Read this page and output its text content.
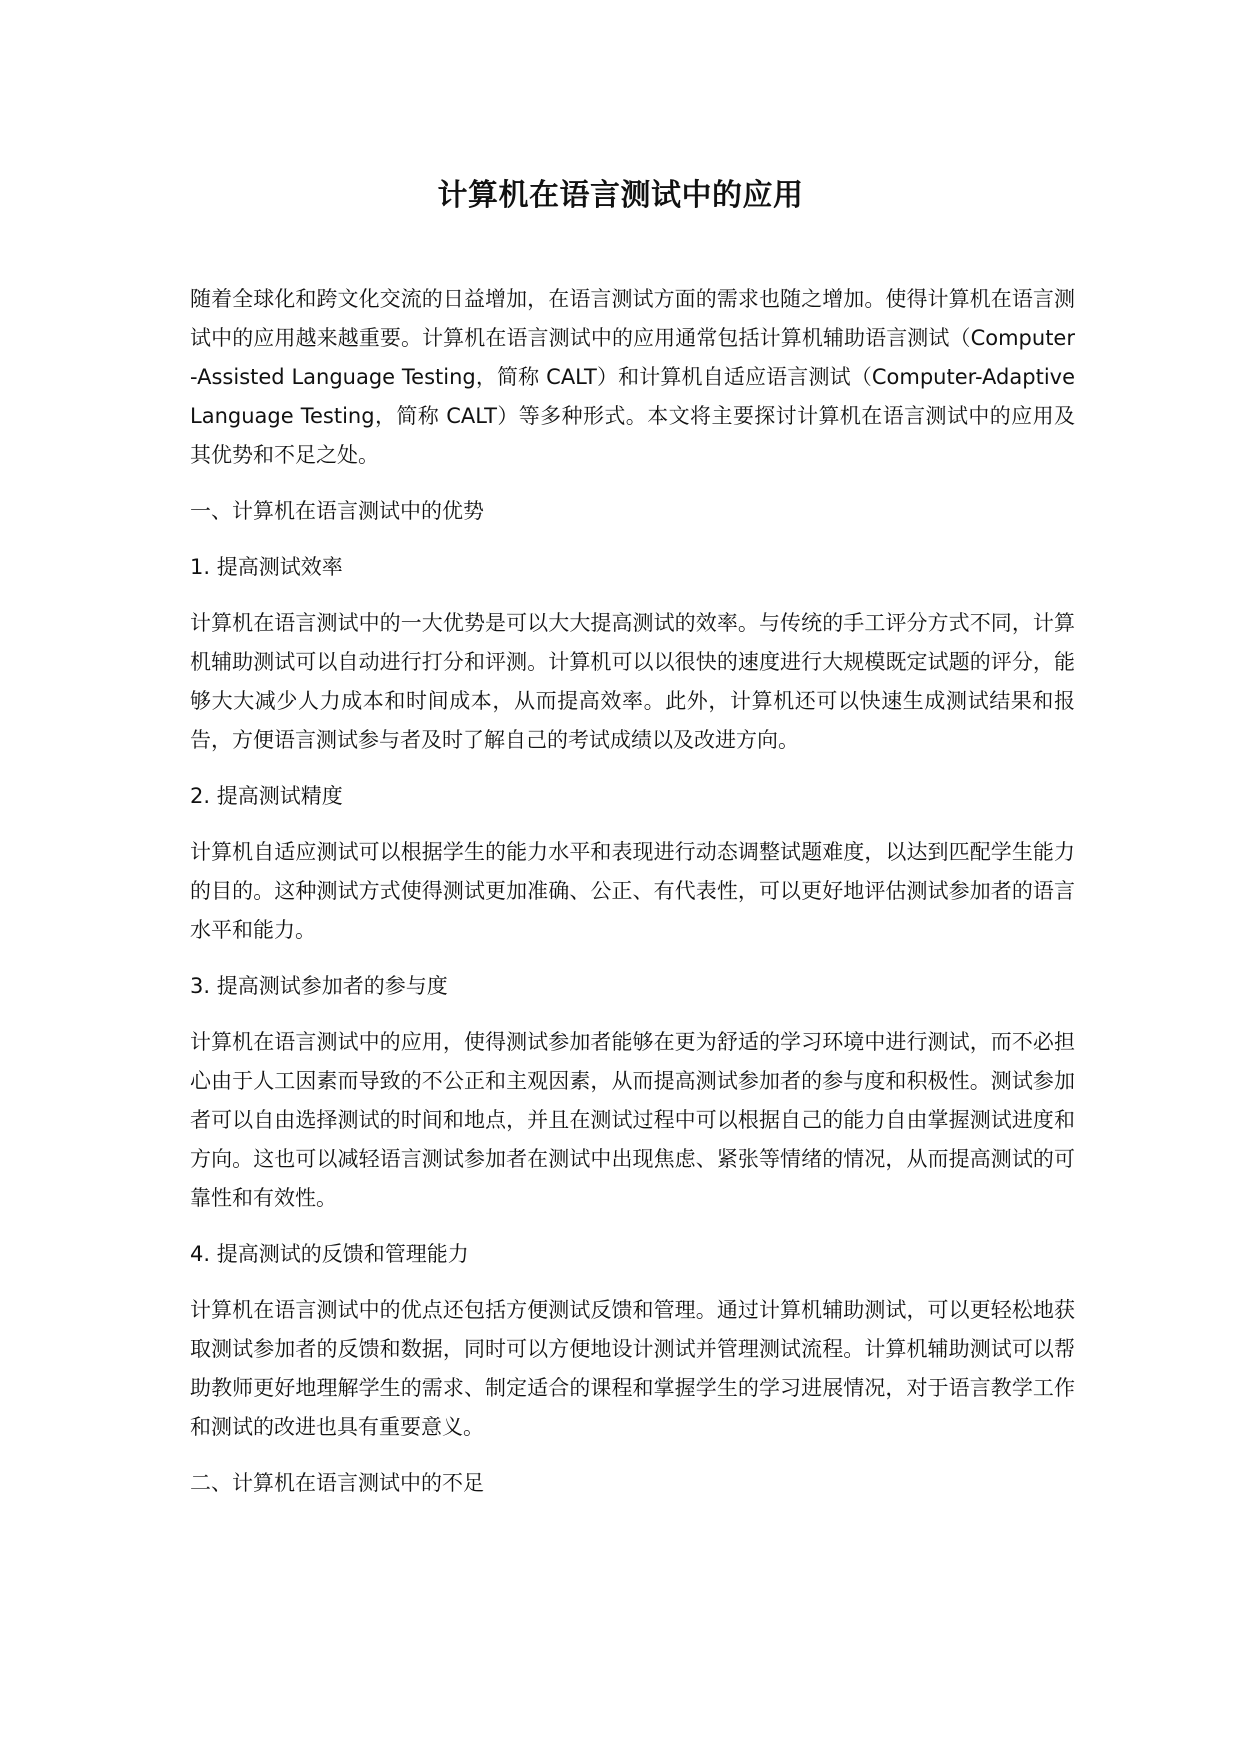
计算机在语言测试中的应用

随着全球化和跨文化交流的日益增加，在语言测试方面的需求也随之增加。使得计算机在语言测试中的应用越来越重要。计算机在语言测试中的应用通常包括计算机辅助语言测试（Computer-Assisted Language Testing，简称 CALT）和计算机自适应语言测试（Computer-Adaptive Language Testing，简称 CALT）等多种形式。本文将主要探讨计算机在语言测试中的应用及其优势和不足之处。

一、计算机在语言测试中的优势
1. 提高测试效率

计算机在语言测试中的一大优势是可以大大提高测试的效率。与传统的手工评分方式不同，计算机辅助测试可以自动进行打分和评测。计算机可以以很快的速度进行大规模既定试题的评分，能够大大减少人力成本和时间成本，从而提高效率。此外，计算机还可以快速生成测试结果和报告，方便语言测试参与者及时了解自己的考试成绩以及改进方向。

2. 提高测试精度

计算机自适应测试可以根据学生的能力水平和表现进行动态调整试题难度，以达到匹配学生能力的目的。这种测试方式使得测试更加准确、公正、有代表性，可以更好地评估测试参加者的语言水平和能力。

3. 提高测试参加者的参与度

计算机在语言测试中的应用，使得测试参加者能够在更为舒适的学习环境中进行测试，而不必担心由于人工因素而导致的不公正和主观因素，从而提高测试参加者的参与度和积极性。测试参加者可以自由选择测试的时间和地点，并且在测试过程中可以根据自己的能力自由掌握测试进度和方向。这也可以减轻语言测试参加者在测试中出现焦虑、紧张等情绪的情况，从而提高测试的可靠性和有效性。

4. 提高测试的反馈和管理能力

计算机在语言测试中的优点还包括方便测试反馈和管理。通过计算机辅助测试，可以更轻松地获取测试参加者的反馈和数据，同时可以方便地设计测试并管理测试流程。计算机辅助测试可以帮助教师更好地理解学生的需求、制定适合的课程和掌握学生的学习进展情况，对于语言教学工作和测试的改进也具有重要意义。

二、计算机在语言测试中的不足
